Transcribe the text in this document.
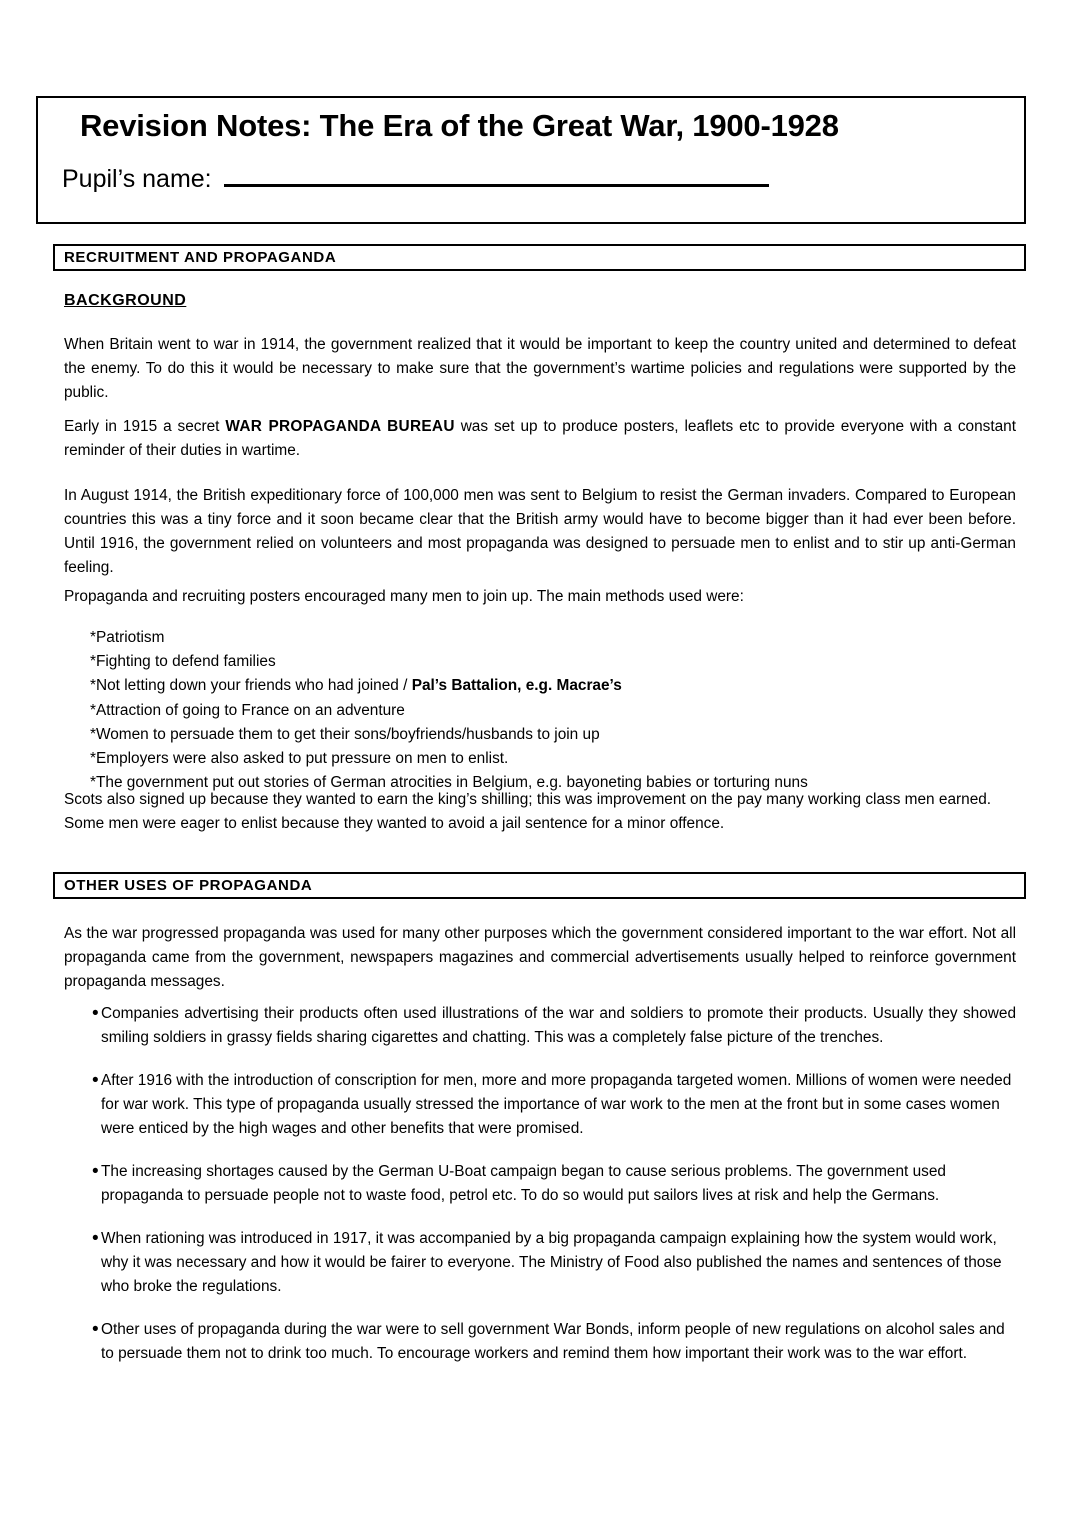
Revision Notes: The Era of the Great War, 1900-1928
Pupil’s name:
RECRUITMENT AND PROPAGANDA
BACKGROUND
When Britain went to war in 1914, the government realized that it would be important to keep the country united and determined to defeat the enemy. To do this it would be necessary to make sure that the government’s wartime policies and regulations were supported by the public.
Early in 1915 a secret WAR PROPAGANDA BUREAU was set up to produce posters, leaflets etc to provide everyone with a constant reminder of their duties in wartime.
In August 1914, the British expeditionary force of 100,000 men was sent to Belgium to resist the German invaders. Compared to European countries this was a tiny force and it soon became clear that the British army would have to become bigger than it had ever been before. Until 1916, the government relied on volunteers and most propaganda was designed to persuade men to enlist and to stir up anti-German feeling.
Propaganda and recruiting posters encouraged many men to join up. The main methods used were:
*Patriotism
*Fighting to defend families
*Not letting down your friends who had joined / Pal’s Battalion, e.g. Macrae’s
*Attraction of going to France on an adventure
*Women to persuade them to get their sons/boyfriends/husbands to join up
*Employers were also asked to put pressure on men to enlist.
*The government put out stories of German atrocities in Belgium, e.g. bayoneting babies or torturing nuns
Scots also signed up because they wanted to earn the king’s shilling; this was improvement on the pay many working class men earned. Some men were eager to enlist because they wanted to avoid a jail sentence for a minor offence.
OTHER USES OF PROPAGANDA
As the war progressed propaganda was used for many other purposes which the government considered important to the war effort. Not all propaganda came from the government, newspapers magazines and commercial advertisements usually helped to reinforce government propaganda messages.
• Companies advertising their products often used illustrations of the war and soldiers to promote their products. Usually they showed smiling soldiers in grassy fields sharing cigarettes and chatting. This was a completely false picture of the trenches.
• After 1916 with the introduction of conscription for men, more and more propaganda targeted women. Millions of women were needed for war work. This type of propaganda usually stressed the importance of war work to the men at the front but in some cases women were enticed by the high wages and other benefits that were promised.
• The increasing shortages caused by the German U-Boat campaign began to cause serious problems. The government used propaganda to persuade people not to waste food, petrol etc. To do so would put sailors lives at risk and help the Germans.
• When rationing was introduced in 1917, it was accompanied by a big propaganda campaign explaining how the system would work, why it was necessary and how it would be fairer to everyone. The Ministry of Food also published the names and sentences of those who broke the regulations.
• Other uses of propaganda during the war were to sell government War Bonds, inform people of new regulations on alcohol sales and to persuade them not to drink too much. To encourage workers and remind them how important their work was to the war effort.
